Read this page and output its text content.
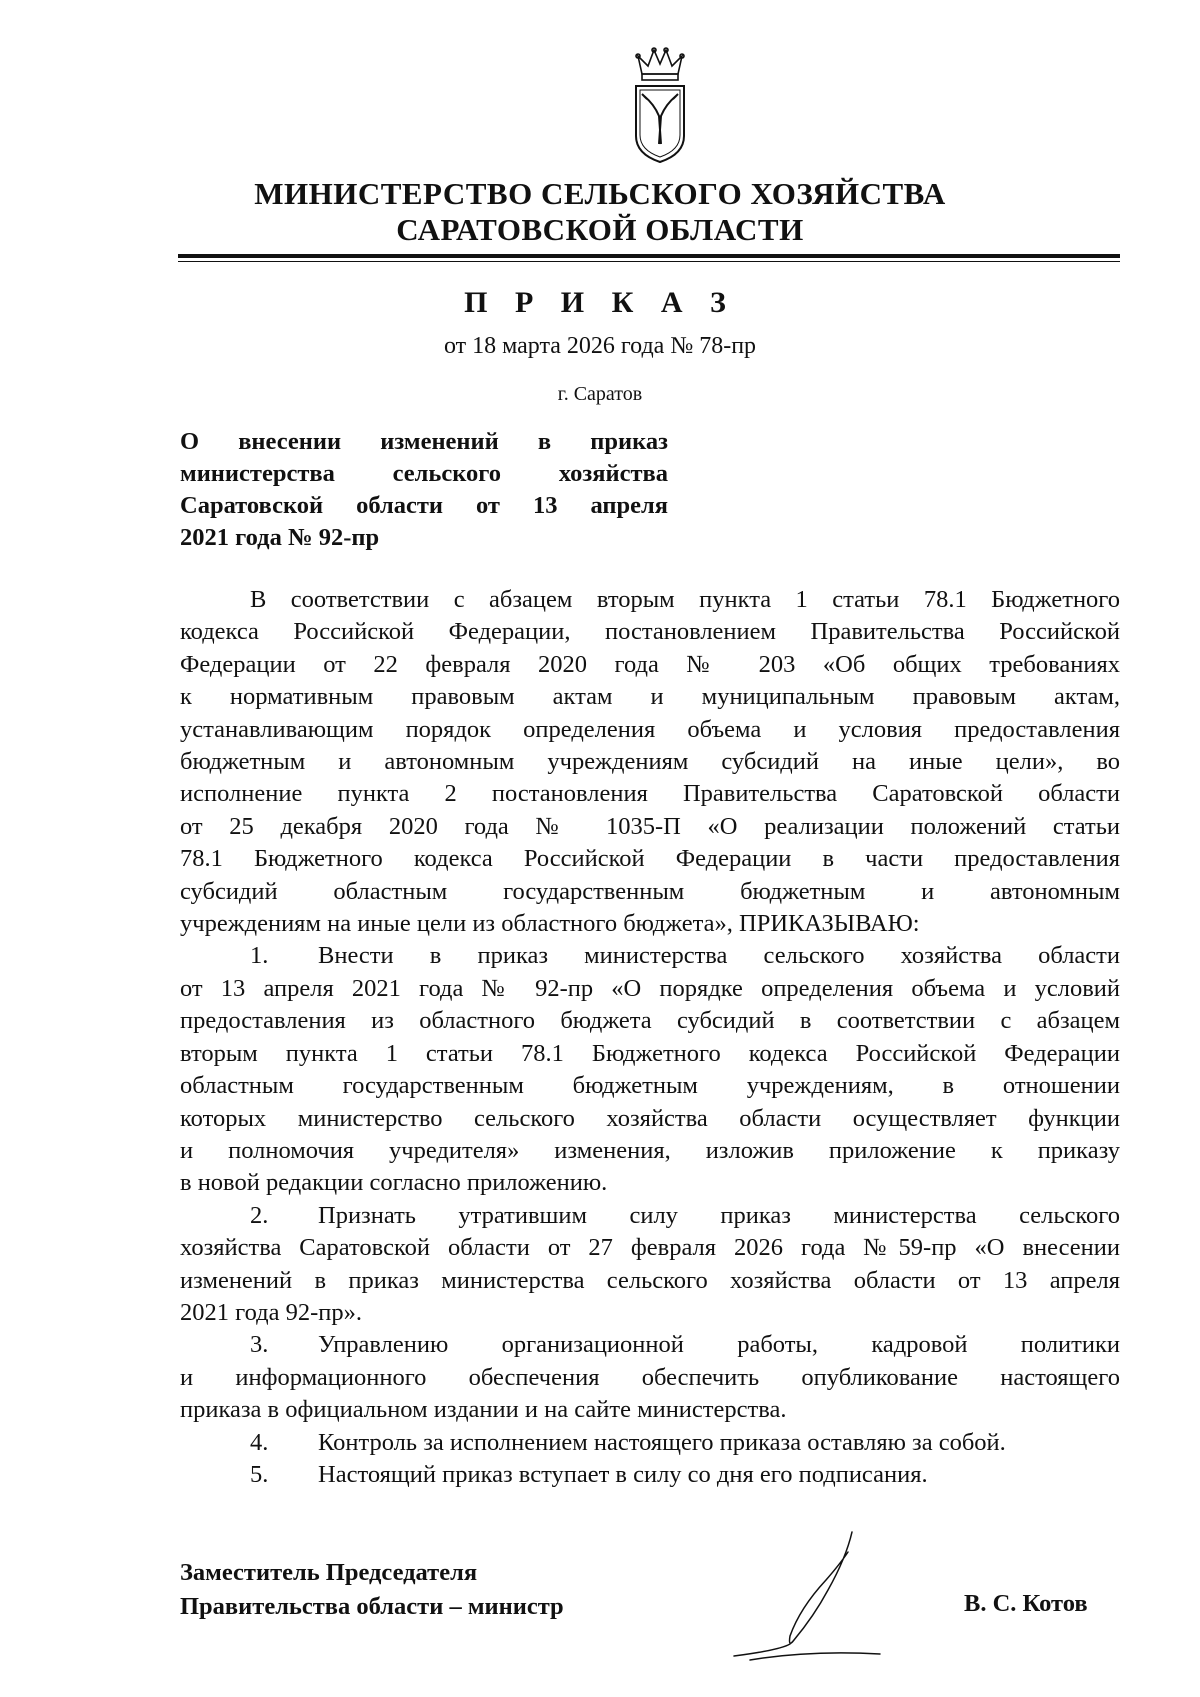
МИНИСТЕРСТВО СЕЛЬСКОГО ХОЗЯЙСТВА
САРАТОВСКОЙ ОБЛАСТИ
П Р И К А З
от 18 марта 2026 года № 78-пр
г. Саратов
О внесении изменений в приказ
министерства сельского хозяйства
Саратовской области от 13 апреля
2021 года № 92-пр
В соответствии с абзацем вторым пункта 1 статьи 78.1 Бюджетного
кодекса Российской Федерации, постановлением Правительства Российской
Федерации от 22 февраля 2020 года № 203 «Об общих требованиях
к нормативным правовым актам и муниципальным правовым актам,
устанавливающим порядок определения объема и условия предоставления
бюджетным и автономным учреждениям субсидий на иные цели», во
исполнение пункта 2 постановления Правительства Саратовской области
от 25 декабря 2020 года № 1035-П «О реализации положений статьи
78.1 Бюджетного кодекса Российской Федерации в части предоставления
субсидий областным государственным бюджетным и автономным
учреждениям на иные цели из областного бюджета», ПРИКАЗЫВАЮ:
1. Внести в приказ министерства сельского хозяйства области
от 13 апреля 2021 года № 92-пр «О порядке определения объема и условий
предоставления из областного бюджета субсидий в соответствии с абзацем
вторым пункта 1 статьи 78.1 Бюджетного кодекса Российской Федерации
областным государственным бюджетным учреждениям, в отношении
которых министерство сельского хозяйства области осуществляет функции
и полномочия учредителя» изменения, изложив приложение к приказу
в новой редакции согласно приложению.
2. Признать утратившим силу приказ министерства сельского
хозяйства Саратовской области от 27 февраля 2026 года №59-пр «О внесении
изменений в приказ министерства сельского хозяйства области от 13 апреля
2021 года 92-пр».
3. Управлению организационной работы, кадровой политики
и информационного обеспечения обеспечить опубликование настоящего
приказа в официальном издании и на сайте министерства.
4. Контроль за исполнением настоящего приказа оставляю за собой.
5. Настоящий приказ вступает в силу со дня его подписания.
Заместитель Председателя
Правительства области – министр	В. С. Котов
